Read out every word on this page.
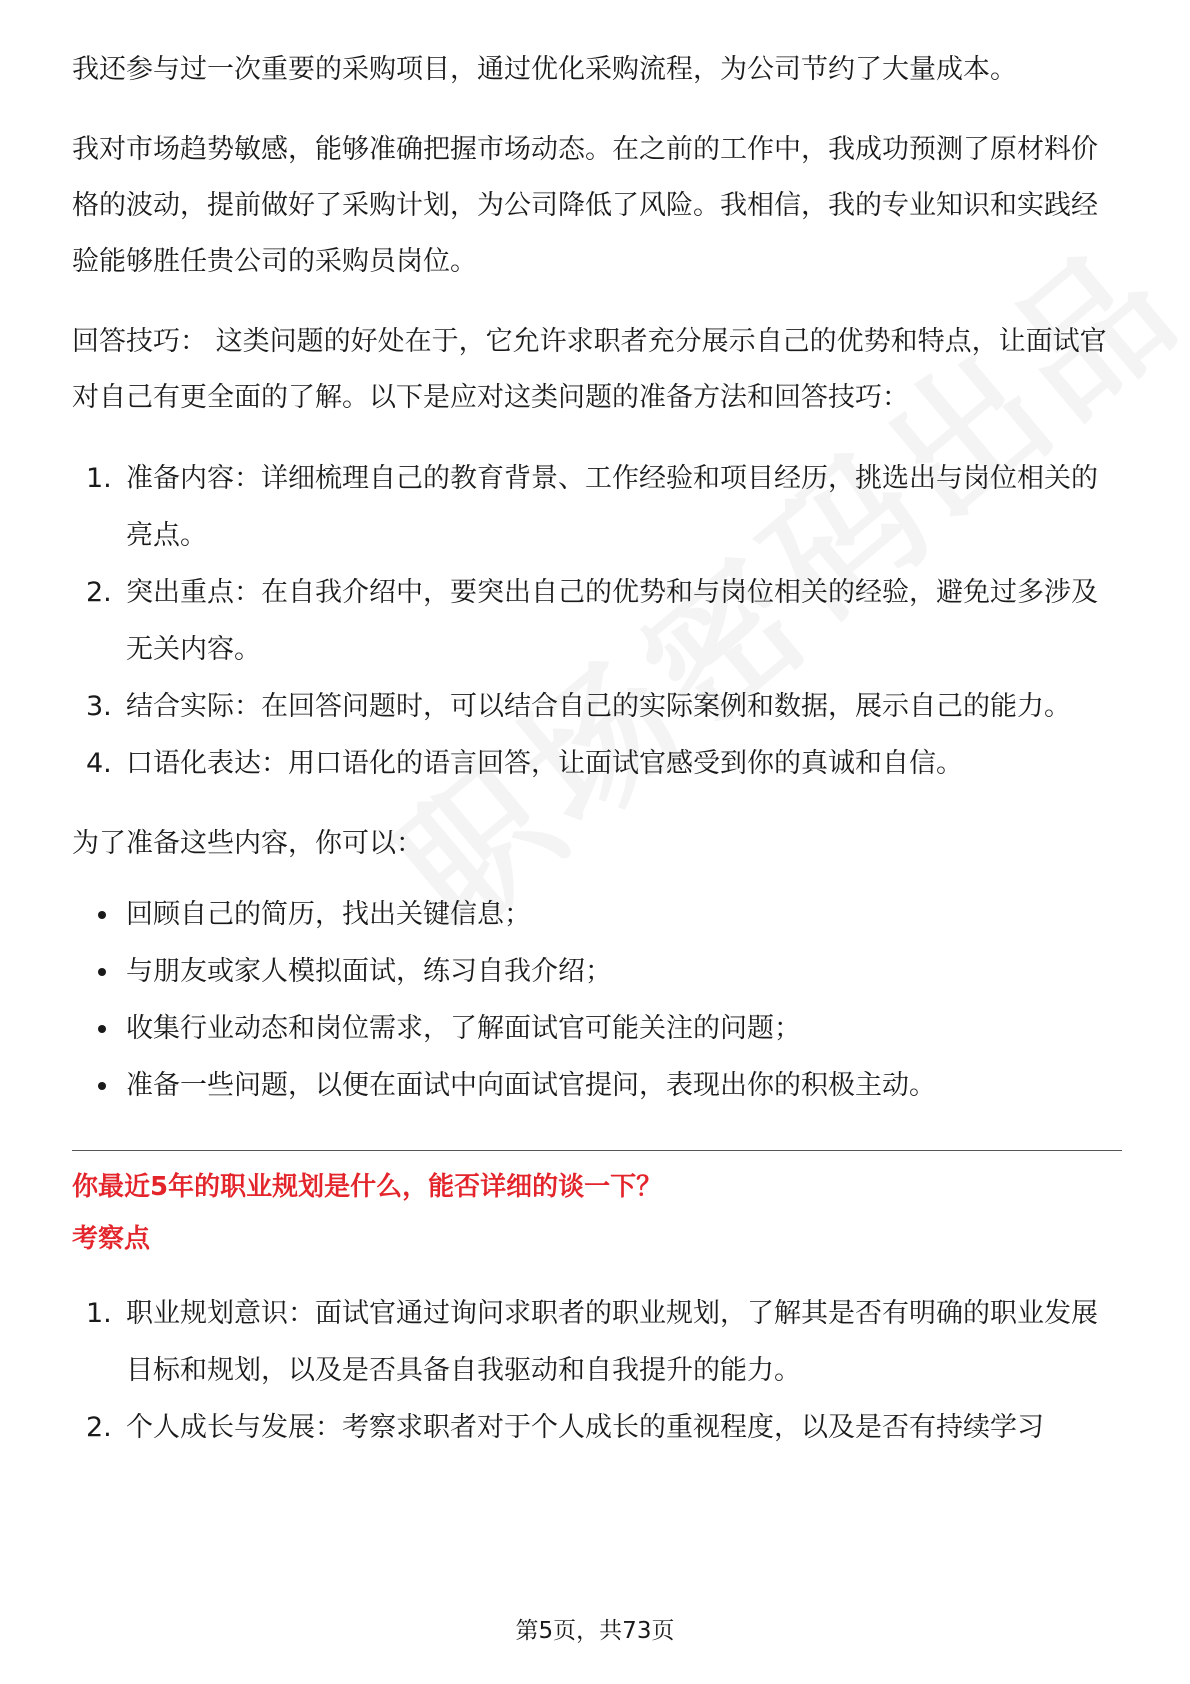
我还参与过一次重要的采购项目，通过优化采购流程，为公司节约了大量成本。

我对市场趋势敏感，能够准确把握市场动态。在之前的工作中，我成功预测了原材料价格的波动，提前做好了采购计划，为公司降低了风险。我相信，我的专业知识和实践经验能够胜任贵公司的采购员岗位。

回答技巧： 这类问题的好处在于，它允许求职者充分展示自己的优势和特点，让面试官对自己有更全面的了解。以下是应对这类问题的准备方法和回答技巧：

1. 准备内容：详细梳理自己的教育背景、工作经验和项目经历，挑选出与岗位相关的亮点。
2. 突出重点：在自我介绍中，要突出自己的优势和与岗位相关的经验，避免过多涉及无关内容。
3. 结合实际：在回答问题时，可以结合自己的实际案例和数据，展示自己的能力。
4. 口语化表达：用口语化的语言回答，让面试官感受到你的真诚和自信。

为了准备这些内容，你可以：

回顾自己的简历，找出关键信息；
与朋友或家人模拟面试，练习自我介绍；
收集行业动态和岗位需求，了解面试官可能关注的问题；
准备一些问题，以便在面试中向面试官提问，表现出你的积极主动。

你最近5年的职业规划是什么，能否详细的谈一下？

考察点

1. 职业规划意识：面试官通过询问求职者的职业规划，了解其是否有明确的职业发展目标和规划，以及是否具备自我驱动和自我提升的能力。
2. 个人成长与发展：考察求职者对于个人成长的重视程度，以及是否有持续学习
第5页，共73页
